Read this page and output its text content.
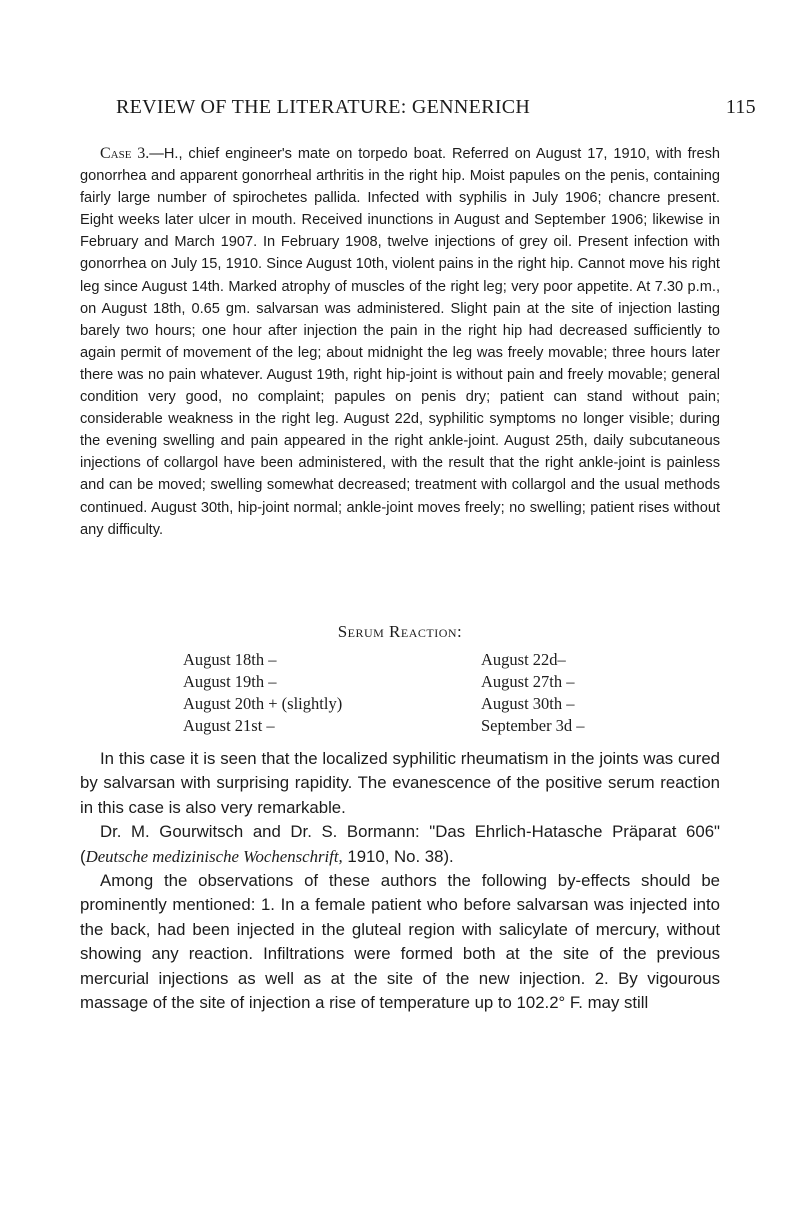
REVIEW OF THE LITERATURE: GENNERICH	115

Case 3.—H., chief engineer's mate on torpedo boat. Referred on August 17, 1910, with fresh gonorrhea and apparent gonorrheal arthritis in the right hip. Moist papules on the penis, containing fairly large number of spirochetes pallida. Infected with syphilis in July 1906; chancre present. Eight weeks later ulcer in mouth. Received inunctions in August and September 1906; likewise in February and March 1907. In February 1908, twelve injections of grey oil. Present infection with gonorrhea on July 15, 1910. Since August 10th, violent pains in the right hip. Cannot move his right leg since August 14th. Marked atrophy of muscles of the right leg; very poor appetite. At 7.30 p.m., on August 18th, 0.65 gm. salvarsan was administered. Slight pain at the site of injection lasting barely two hours; one hour after injection the pain in the right hip had decreased sufficiently to again permit of movement of the leg; about midnight the leg was freely movable; three hours later there was no pain whatever. August 19th, right hip-joint is without pain and freely movable; general condition very good, no complaint; papules on penis dry; patient can stand without pain; considerable weakness in the right leg. August 22d, syphilitic symptoms no longer visible; during the evening swelling and pain appeared in the right ankle-joint. August 25th, daily subcutaneous injections of collargol have been administered, with the result that the right ankle-joint is painless and can be moved; swelling somewhat decreased; treatment with collargol and the usual methods continued. August 30th, hip-joint normal; ankle-joint moves freely; no swelling; patient rises without any difficulty.

Serum Reaction:
August 18th –
August 19th –
August 20th + (slightly)
August 21st –
August 22d–
August 27th –
August 30th –
September 3d –

In this case it is seen that the localized syphilitic rheumatism in the joints was cured by salvarsan with surprising rapidity. The evanescence of the positive serum reaction in this case is also very remarkable.

Dr. M. Gourwitsch and Dr. S. Bormann: "Das Ehrlich-Hatasche Präparat 606" (Deutsche medizinische Wochenschrift, 1910, No. 38).

Among the observations of these authors the following by-effects should be prominently mentioned: 1. In a female patient who before salvarsan was injected into the back, had been injected in the gluteal region with salicylate of mercury, without showing any reaction. Infiltrations were formed both at the site of the previous mercurial injections as well as at the site of the new injection. 2. By vigourous massage of the site of injection a rise of temperature up to 102.2° F. may still
